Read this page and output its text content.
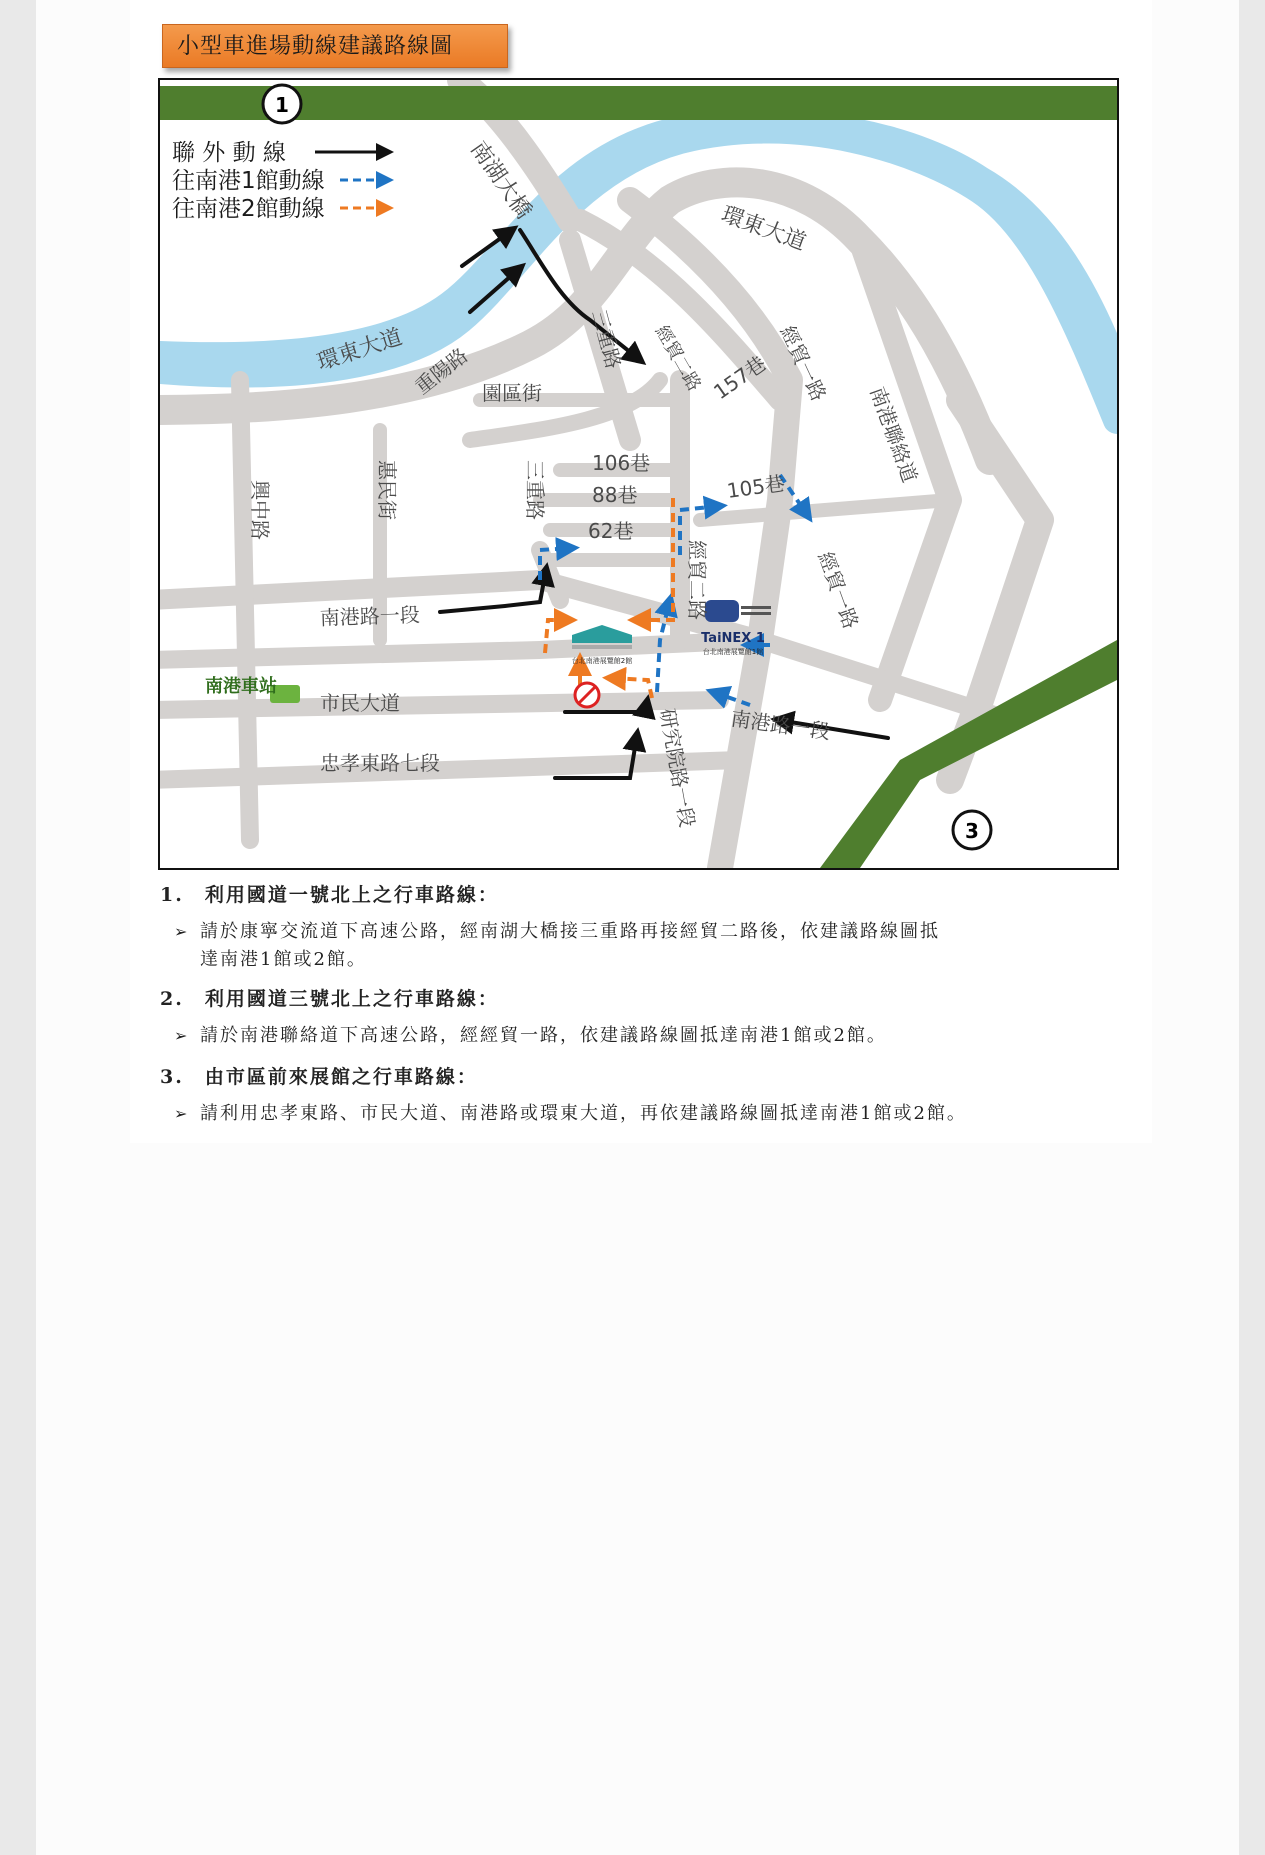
小型車進場動線建議路線圖
1
3
聯 外 動 線
往南港1館動線
往南港2館動線
台北南港展覽館2館
TaiNEX 1
台北南港展覽館1館
南湖大橋
環東大道
環東大道 重陽路	三重路 經貿二路 157巷 經貿一路
南港聯絡道
園區街
106巷
88巷
62巷
105巷
三重路
經貿二路	經貿一路
興中路	惠民街
南港路一段
南港路一段
市民大道
忠孝東路七段	研究院路一段
南港車站
1.　利用國道一號北上之行車路線：
➢ 請於康寧交流道下高速公路，經南湖大橋接三重路再接經貿二路後，依建議路線圖抵
達南港1館或2館。
2.　利用國道三號北上之行車路線：
➢ 請於南港聯絡道下高速公路，經經貿一路，依建議路線圖抵達南港1館或2館。
3.　由市區前來展館之行車路線：
➢ 請利用忠孝東路、市民大道、南港路或環東大道，再依建議路線圖抵達南港1館或2館。
